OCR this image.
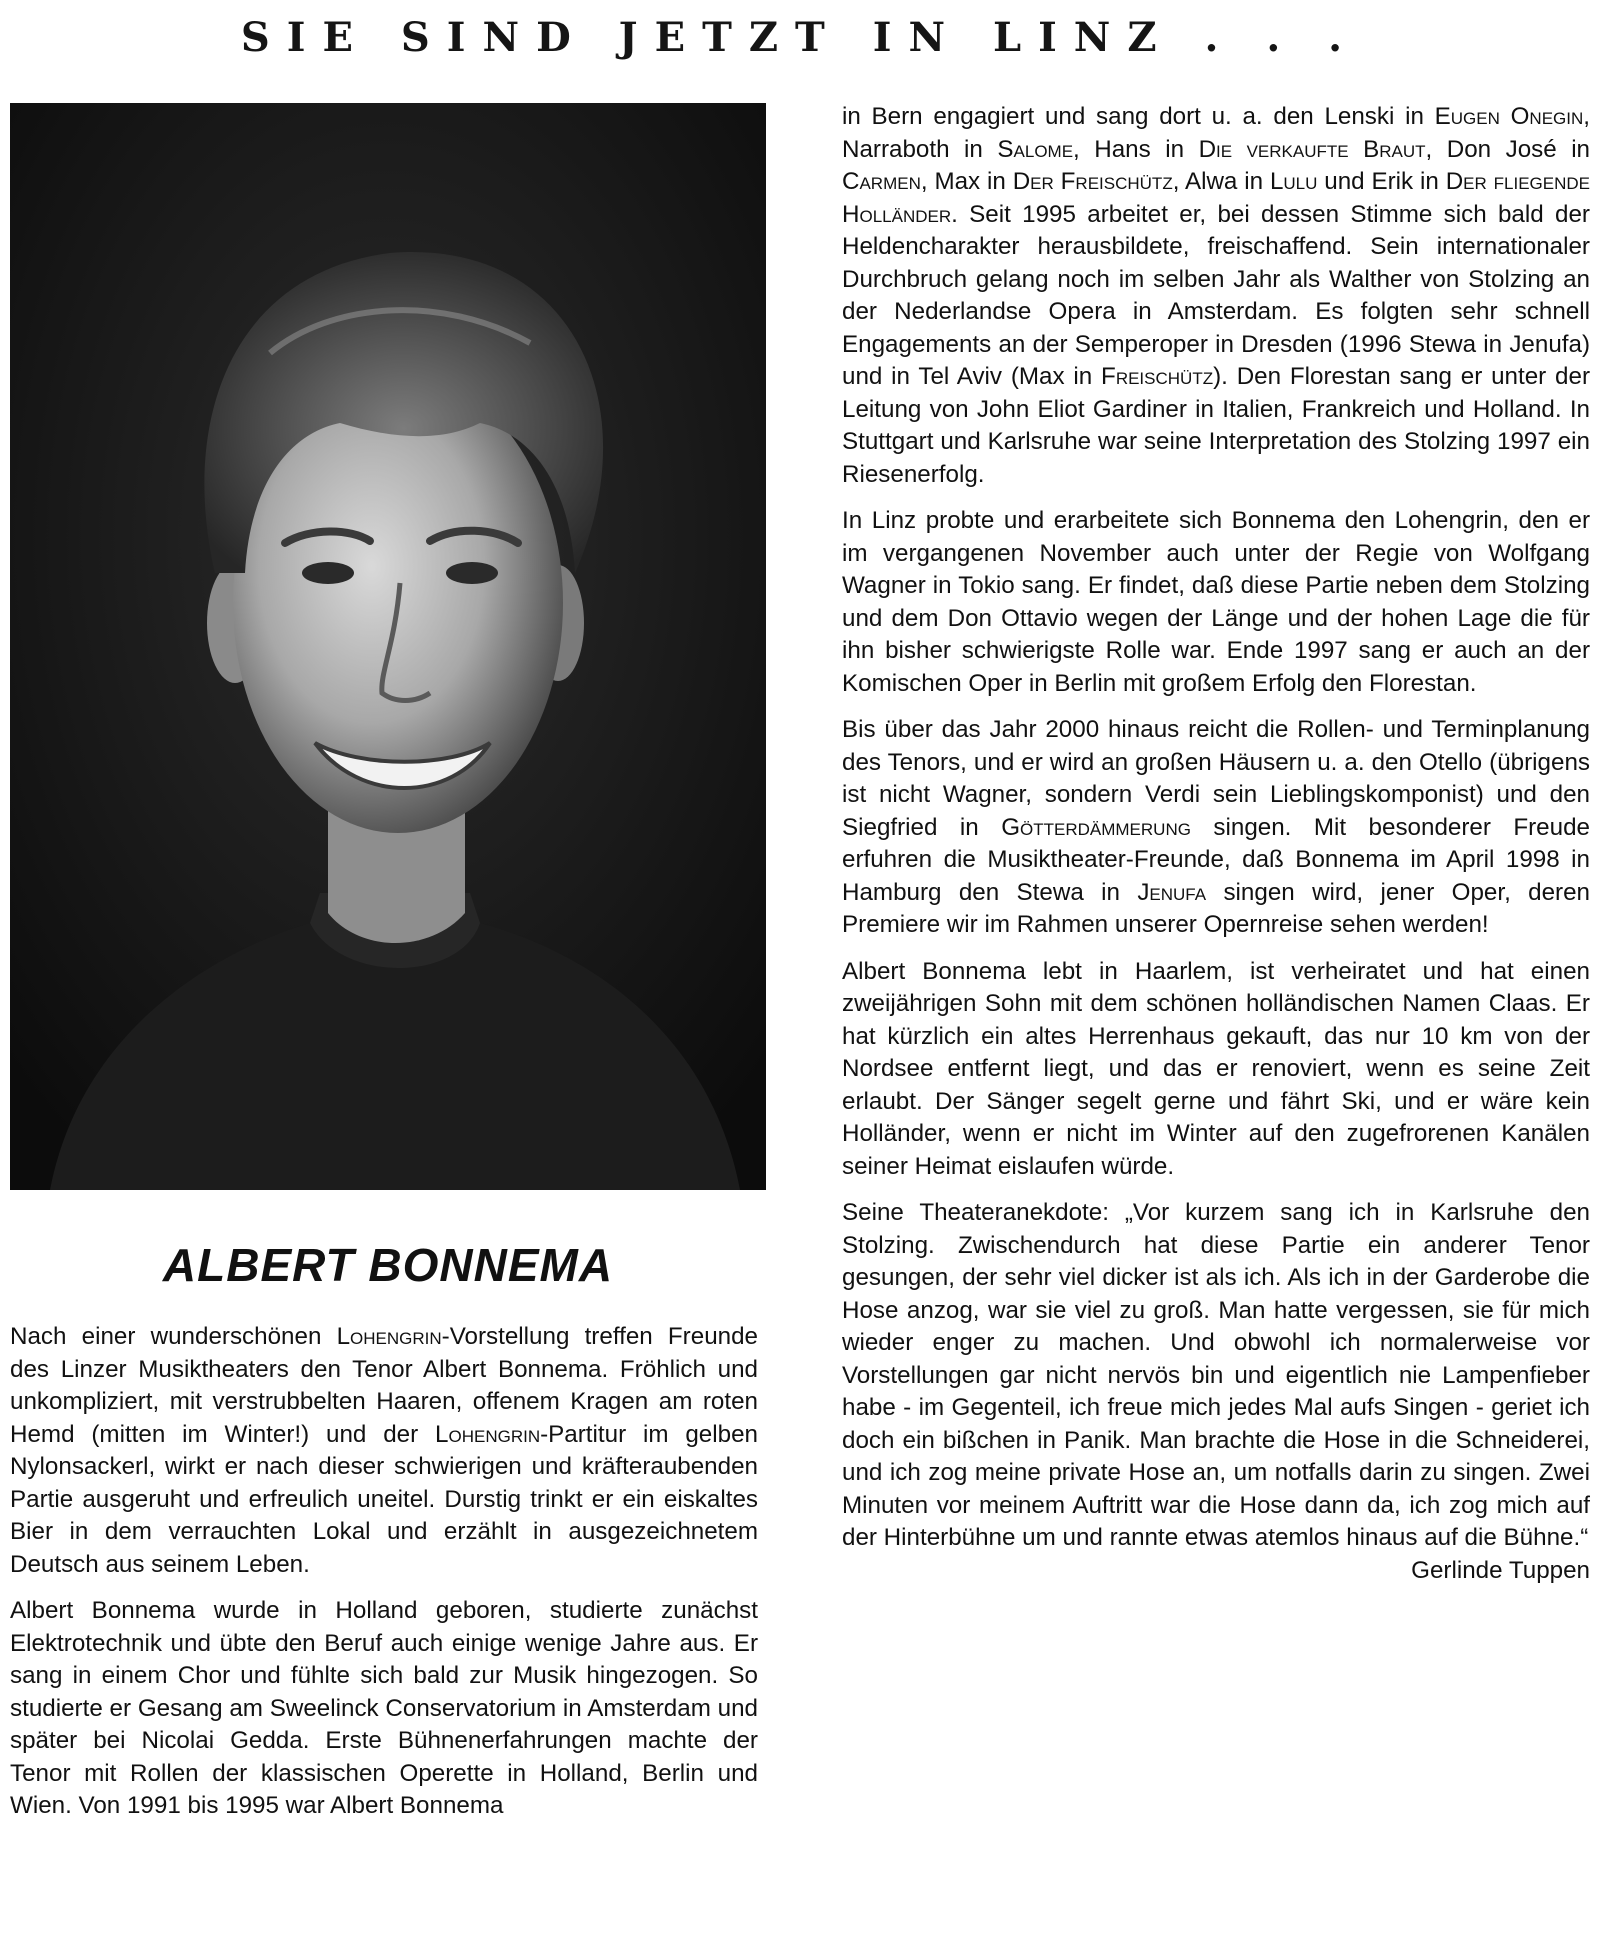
SIE SIND JETZT IN LINZ . . .
ALBERT BONNEMA

Nach einer wunderschönen Lohengrin-Vorstellung treffen Freunde des Linzer Musiktheaters den Tenor Albert Bonnema. Fröhlich und unkompliziert, mit verstrubbelten Haaren, offenem Kragen am roten Hemd (mitten im Winter!) und der Lohengrin-Partitur im gelben Nylonsackerl, wirkt er nach dieser schwierigen und kräfteraubenden Partie ausgeruht und erfreulich uneitel. Durstig trinkt er ein eiskaltes Bier in dem verrauchten Lokal und erzählt in ausgezeichnetem Deutsch aus seinem Leben.

Albert Bonnema wurde in Holland geboren, studierte zunächst Elektrotechnik und übte den Beruf auch einige wenige Jahre aus. Er sang in einem Chor und fühlte sich bald zur Musik hingezogen. So studierte er Gesang am Sweelinck Conservatorium in Amsterdam und später bei Nicolai Gedda. Erste Bühnenerfahrungen machte der Tenor mit Rollen der klassischen Operette in Holland, Berlin und Wien. Von 1991 bis 1995 war Albert Bonnema

in Bern engagiert und sang dort u. a. den Lenski in Eugen Onegin, Narraboth in Salome, Hans in Die verkaufte Braut, Don José in Carmen, Max in Der Freischütz, Alwa in Lulu und Erik in Der fliegende Holländer. Seit 1995 arbeitet er, bei dessen Stimme sich bald der Heldencharakter herausbildete, freischaffend. Sein internationaler Durchbruch gelang noch im selben Jahr als Walther von Stolzing an der Nederlandse Opera in Amsterdam. Es folgten sehr schnell Engagements an der Semperoper in Dresden (1996 Stewa in Jenufa) und in Tel Aviv (Max in Freischütz). Den Florestan sang er unter der Leitung von John Eliot Gardiner in Italien, Frankreich und Holland. In Stuttgart und Karlsruhe war seine Interpretation des Stolzing 1997 ein Riesenerfolg.

In Linz probte und erarbeitete sich Bonnema den Lohengrin, den er im vergangenen November auch unter der Regie von Wolfgang Wagner in Tokio sang. Er findet, daß diese Partie neben dem Stolzing und dem Don Ottavio wegen der Länge und der hohen Lage die für ihn bisher schwierigste Rolle war. Ende 1997 sang er auch an der Komischen Oper in Berlin mit großem Erfolg den Florestan.

Bis über das Jahr 2000 hinaus reicht die Rollen- und Terminplanung des Tenors, und er wird an großen Häusern u. a. den Otello (übrigens ist nicht Wagner, sondern Verdi sein Lieblingskomponist) und den Siegfried in Götterdämmerung singen. Mit besonderer Freude erfuhren die Musiktheater-Freunde, daß Bonnema im April 1998 in Hamburg den Stewa in Jenufa singen wird, jener Oper, deren Premiere wir im Rahmen unserer Opernreise sehen werden!

Albert Bonnema lebt in Haarlem, ist verheiratet und hat einen zweijährigen Sohn mit dem schönen holländischen Namen Claas. Er hat kürzlich ein altes Herrenhaus gekauft, das nur 10 km von der Nordsee entfernt liegt, und das er renoviert, wenn es seine Zeit erlaubt. Der Sänger segelt gerne und fährt Ski, und er wäre kein Holländer, wenn er nicht im Winter auf den zugefrorenen Kanälen seiner Heimat eislaufen würde.

Seine Theateranekdote: „Vor kurzem sang ich in Karlsruhe den Stolzing. Zwischendurch hat diese Partie ein anderer Tenor gesungen, der sehr viel dicker ist als ich. Als ich in der Garderobe die Hose anzog, war sie viel zu groß. Man hatte vergessen, sie für mich wieder enger zu machen. Und obwohl ich normalerweise vor Vorstellungen gar nicht nervös bin und eigentlich nie Lampenfieber habe - im Gegenteil, ich freue mich jedes Mal aufs Singen - geriet ich doch ein bißchen in Panik. Man brachte die Hose in die Schneiderei, und ich zog meine private Hose an, um notfalls darin zu singen. Zwei Minuten vor meinem Auftritt war die Hose dann da, ich zog mich auf der Hinterbühne um und rannte etwas atemlos hinaus auf die Bühne.“
Gerlinde Tuppen
